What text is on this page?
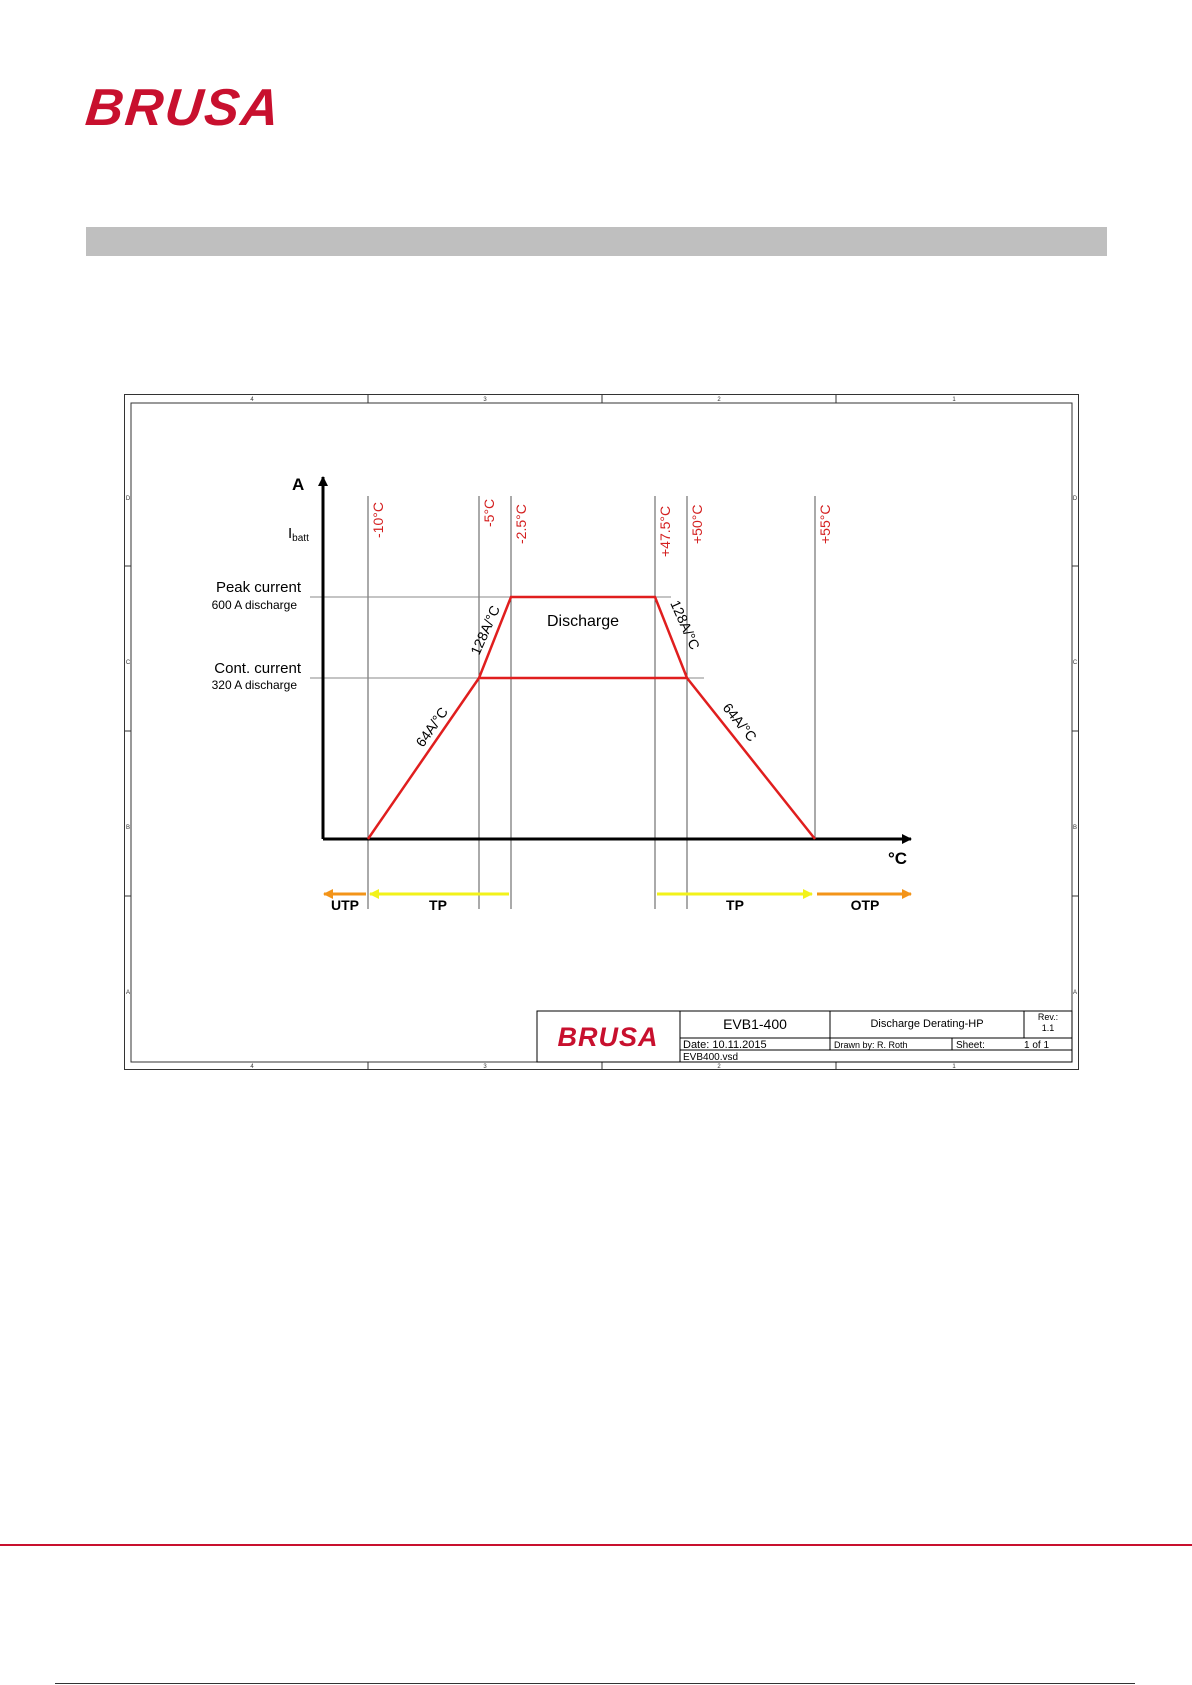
BRUSA
4	3	2	1
4	3	2	1
D
C
B
A
D
C
B
A
A
$I_{batt}$
°C
-10°C	-5°C -2.5°C	+47.5°C +50°C	+55°C
Peak current
600 A discharge
Cont. current
320 A discharge
128A/°C
64A/°C
128A/°C
64A/°C
Discharge
UTP	TP	TP	OTP
BRUSA	EVB1-400	Discharge Derating-HP
Rev.:
1.1
Date: 10.11.2015	Drawn by: R. Roth	Sheet:	1 of 1
EVB400.vsd
